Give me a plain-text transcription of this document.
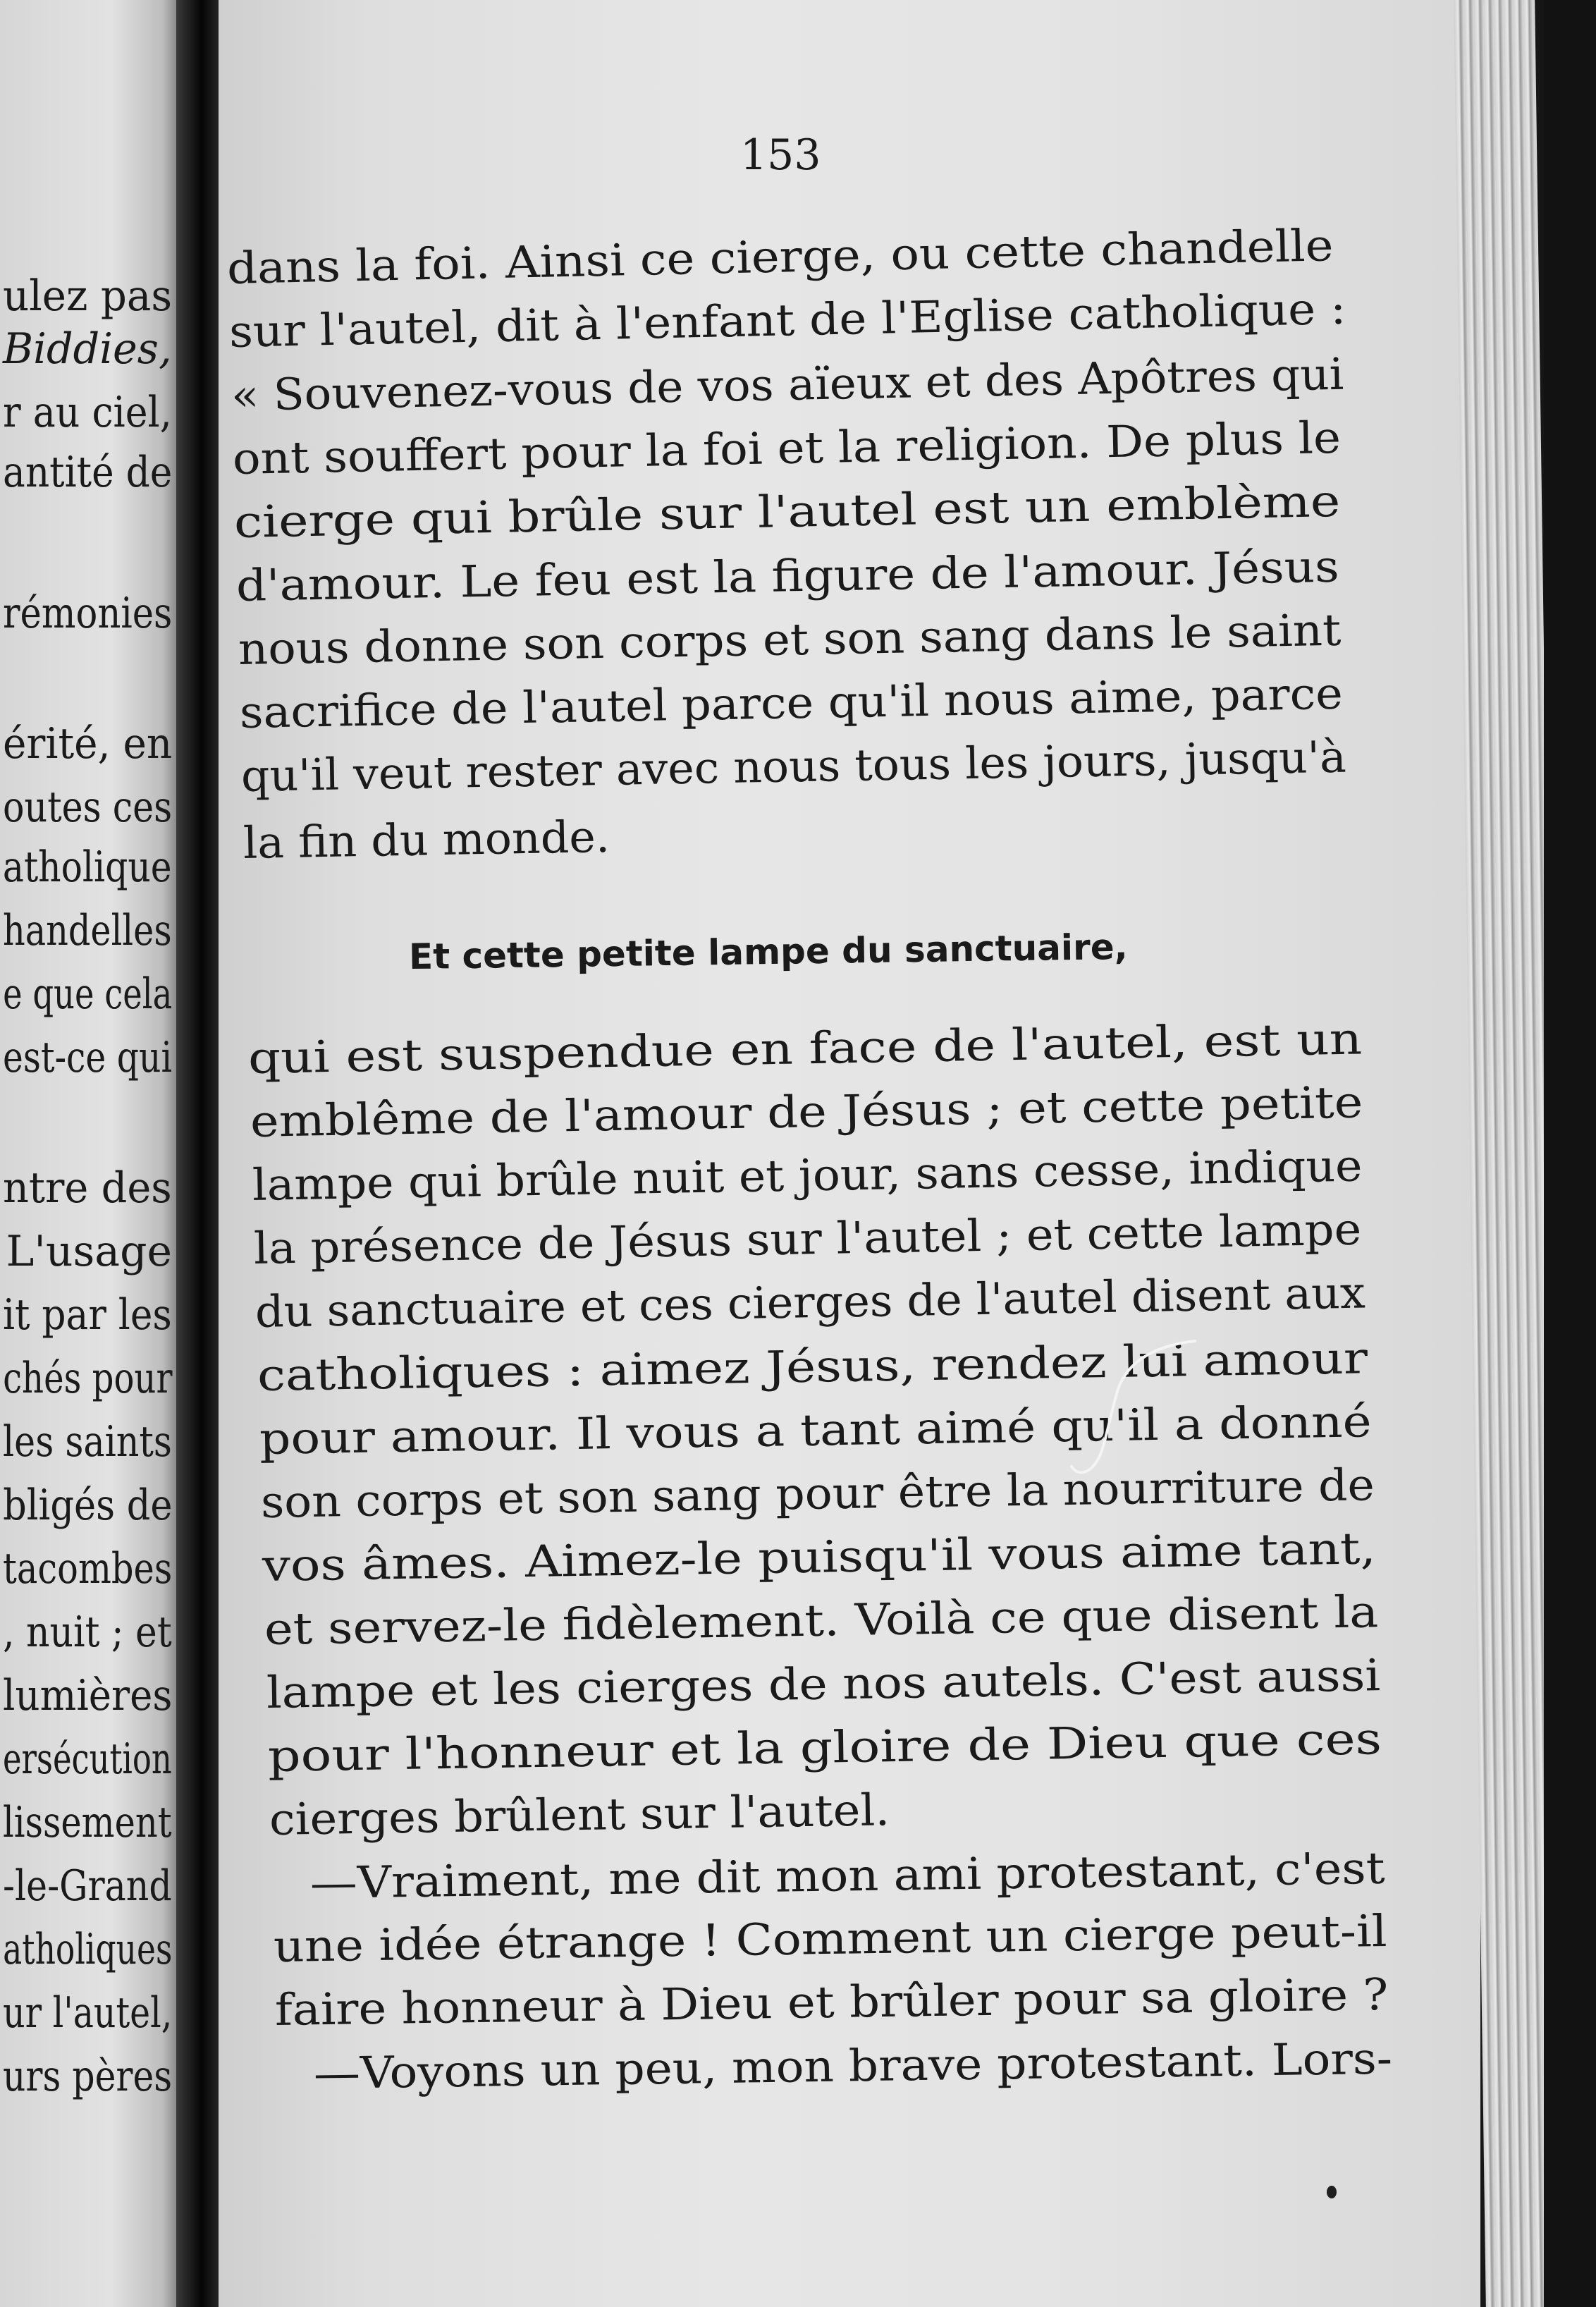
ulez pas
Biddies,
r au ciel,
antité de
rémonies
érité, en
outes ces
atholique
handelles
e que cela
est-ce qui
ntre des
L'usage
it par les
chés pour
les saints
bligés de
tacombes
, nuit ; et
lumières
ersécution
lissement
-le-Grand
atholiques
ur l'autel,
urs pères
153
dans la foi. Ainsi ce cierge, ou cette chandelle
sur l'autel, dit à l'enfant de l'Eglise catholique :
« Souvenez-vous de vos aïeux et des Apôtres qui
ont souffert pour la foi et la religion. De plus le
cierge qui brûle sur l'autel est un emblème
d'amour. Le feu est la figure de l'amour. Jésus
nous donne son corps et son sang dans le saint
sacrifice de l'autel parce qu'il nous aime, parce
qu'il veut rester avec nous tous les jours, jusqu'à
la fin du monde.
Et cette petite lampe du sanctuaire,
qui est suspendue en face de l'autel, est un
emblême de l'amour de Jésus ; et cette petite
lampe qui brûle nuit et jour, sans cesse, indique
la présence de Jésus sur l'autel ; et cette lampe
du sanctuaire et ces cierges de l'autel disent aux
catholiques : aimez Jésus, rendez lui amour
pour amour. Il vous a tant aimé qu'il a donné
son corps et son sang pour être la nourriture de
vos âmes. Aimez-le puisqu'il vous aime tant,
et servez-le fidèlement. Voilà ce que disent la
lampe et les cierges de nos autels. C'est aussi
pour l'honneur et la gloire de Dieu que ces
cierges brûlent sur l'autel.
—Vraiment, me dit mon ami protestant, c'est
une idée étrange ! Comment un cierge peut-il
faire honneur à Dieu et brûler pour sa gloire ?
—Voyons un peu, mon brave protestant. Lors-
